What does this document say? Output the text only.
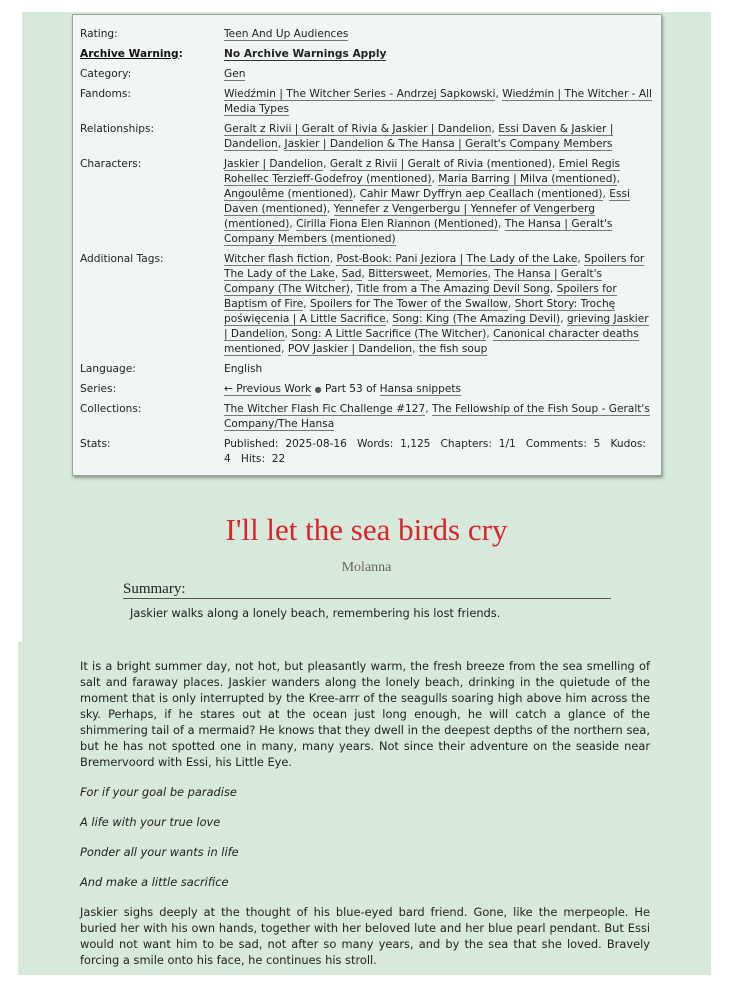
Rating:	Teen And Up Audiences
Archive Warning:	No Archive Warnings Apply
Category:	Gen
Fandoms:	Wiedźmin | The Witcher Series - Andrzej Sapkowski, Wiedźmin | The Witcher - All Media Types
Relationships:	Geralt z Rivii | Geralt of Rivia & Jaskier | Dandelion, Essi Daven & Jaskier | Dandelion, Jaskier | Dandelion & The Hansa | Geralt's Company Members
Characters:	Jaskier | Dandelion, Geralt z Rivii | Geralt of Rivia (mentioned), Emiel Regis Rohellec Terzieff-Godefroy (mentioned), Maria Barring | Milva (mentioned), Angoulême (mentioned), Cahir Mawr Dyffryn aep Ceallach (mentioned), Essi Daven (mentioned), Yennefer z Vengerbergu | Yennefer of Vengerberg (mentioned), Cirilla Fiona Elen Riannon (Mentioned), The Hansa | Geralt's Company Members (mentioned)
Additional Tags:	Witcher flash fiction, Post-Book: Pani Jeziora | The Lady of the Lake, Spoilers for The Lady of the Lake, Sad, Bittersweet, Memories, The Hansa | Geralt's Company (The Witcher), Title from a The Amazing Devil Song, Spoilers for Baptism of Fire, Spoilers for The Tower of the Swallow, Short Story: Trochę poświęcenia | A Little Sacrifice, Song: King (The Amazing Devil), grieving Jaskier | Dandelion, Song: A Little Sacrifice (The Witcher), Canonical character deaths mentioned, POV Jaskier | Dandelion, the fish soup
Language:	English
Series:	← Previous Work ● Part 53 of Hansa snippets
Collections:	The Witcher Flash Fic Challenge #127, The Fellowship of the Fish Soup - Geralt's Company/The Hansa
Stats:	Published: 2025-08-16 Words: 1,125 Chapters: 1/1 Comments: 5 Kudos:  4 Hits: 22
I'll let the sea birds cry
Molanna
Summary:
Jaskier walks along a lonely beach, remembering his lost friends.

It is a bright summer day, not hot, but pleasantly warm, the fresh breeze from the sea smelling of salt and faraway places. Jaskier wanders along the lonely beach, drinking in the quietude of the moment that is only interrupted by the Kree-arrr of the seagulls soaring high above him across the sky. Perhaps, if he stares out at the ocean just long enough, he will catch a glance of the shimmering tail of a mermaid? He knows that they dwell in the deepest depths of the northern sea, but he has not spotted one in many, many years. Not since their adventure on the seaside near Bremervoord with Essi, his Little Eye.

For if your goal be paradise

A life with your true love

Ponder all your wants in life

And make a little sacrifice

Jaskier sighs deeply at the thought of his blue-eyed bard friend. Gone, like the merpeople. He buried her with his own hands, together with her beloved lute and her blue pearl pendant. But Essi would not want him to be sad, not after so many years, and by the sea that she loved. Bravely forcing a smile onto his face, he continues his stroll.
